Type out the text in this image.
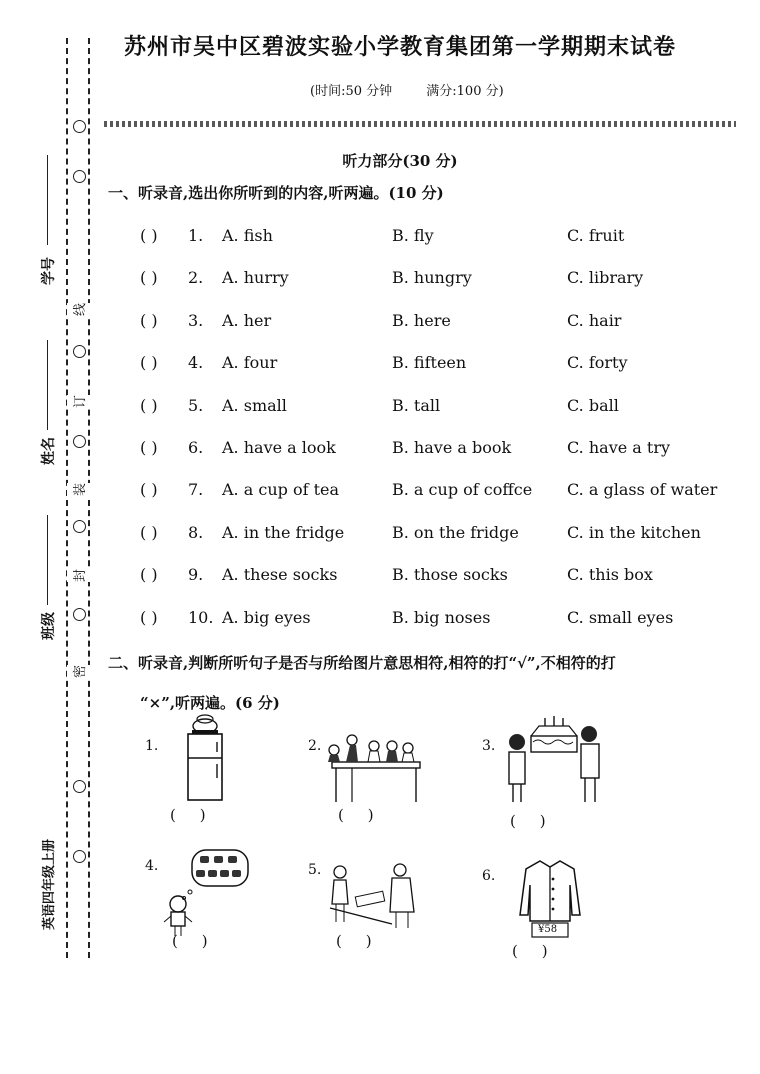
线
订
装
封
密
学号
姓名
班级
英语四年级上册
苏州市吴中区碧波实验小学教育集团第一学期期末试卷
(时间:50 分钟	满分:100 分)
听力部分(30 分)
一、听录音,选出你所听到的内容,听两遍。(10 分)
( ) 1. A. fish	B. fly	C. fruit
( ) 2. A. hurry	B. hungry	C. library
( ) 3. A. her	B. here	C. hair
( ) 4. A. four	B. fifteen	C. forty
( ) 5. A. small	B. tall	C. ball
( ) 6. A. have a look	B. have a book	C. have a try
( ) 7. A. a cup of tea	B. a cup of coffce C. a glass of water
( ) 8. A. in the fridge	B. on the fridge	C. in the kitchen
( ) 9. A. these socks	B. those socks	C. this box
( ) 10. A. big eyes	B. big noses	C. small eyes
二、听录音,判断所听句子是否与所给图片意思相符,相符的打“√”,不相符的打
“×”,听两遍。(6 分)
1.
(     )
2.
(     )
3.
(     )
4.
(     )
5.
(     )
6.
¥58
(     )
